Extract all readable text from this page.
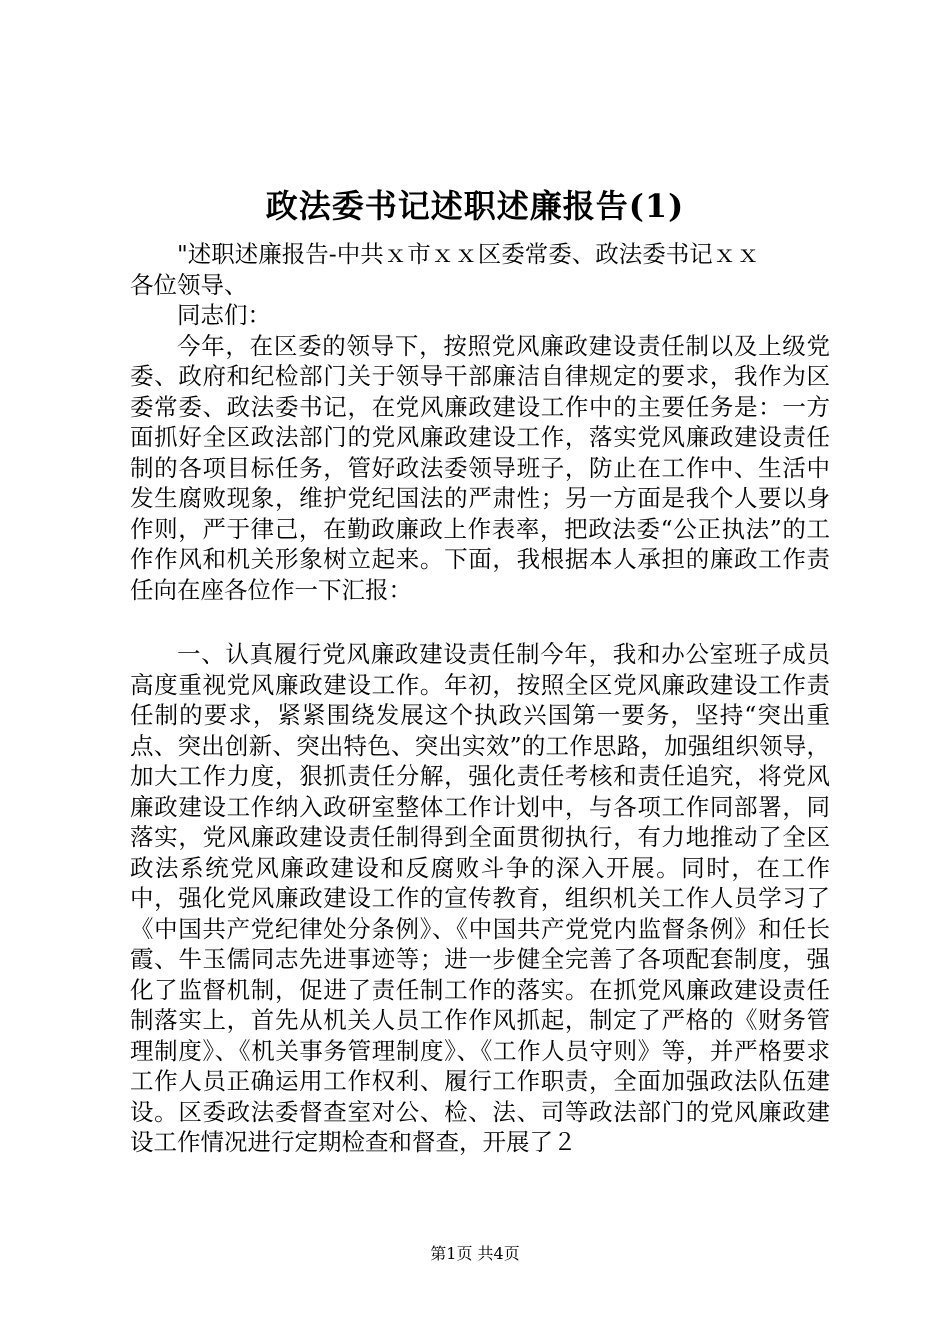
政法委书记述职述廉报告(1)

"述职述廉报告-中共ｘ市ｘｘ区委常委、政法委书记ｘｘ

各位领导、

同志们：

今年，在区委的领导下，按照党风廉政建设责任制以及上级党委、政府和纪检部门关于领导干部廉洁自律规定的要求，我作为区委常委、政法委书记，在党风廉政建设工作中的主要任务是：一方面抓好全区政法部门的党风廉政建设工作，落实党风廉政建设责任制的各项目标任务，管好政法委领导班子，防止在工作中、生活中发生腐败现象，维护党纪国法的严肃性；另一方面是我个人要以身作则，严于律己，在勤政廉政上作表率，把政法委“公正执法”的工作作风和机关形象树立起来。下面，我根据本人承担的廉政工作责任向在座各位作一下汇报：

一、认真履行党风廉政建设责任制今年，我和办公室班子成员高度重视党风廉政建设工作。年初，按照全区党风廉政建设工作责任制的要求，紧紧围绕发展这个执政兴国第一要务，坚持“突出重点、突出创新、突出特色、突出实效”的工作思路，加强组织领导，加大工作力度，狠抓责任分解，强化责任考核和责任追究，将党风廉政建设工作纳入政研室整体工作计划中，与各项工作同部署，同落实，党风廉政建设责任制得到全面贯彻执行，有力地推动了全区政法系统党风廉政建设和反腐败斗争的深入开展。同时，在工作中，强化党风廉政建设工作的宣传教育，组织机关工作人员学习了《中国共产党纪律处分条例》、《中国共产党党内监督条例》和任长霞、牛玉儒同志先进事迹等；进一步健全完善了各项配套制度，强化了监督机制，促进了责任制工作的落实。在抓党风廉政建设责任制落实上，首先从机关人员工作作风抓起，制定了严格的《财务管理制度》、《机关事务管理制度》、《工作人员守则》等，并严格要求工作人员正确运用工作权利、履行工作职责，全面加强政法队伍建设。区委政法委督查室对公、检、法、司等政法部门的党风廉政建设工作情况进行定期检查和督查，开展了２

第1页 共4页
